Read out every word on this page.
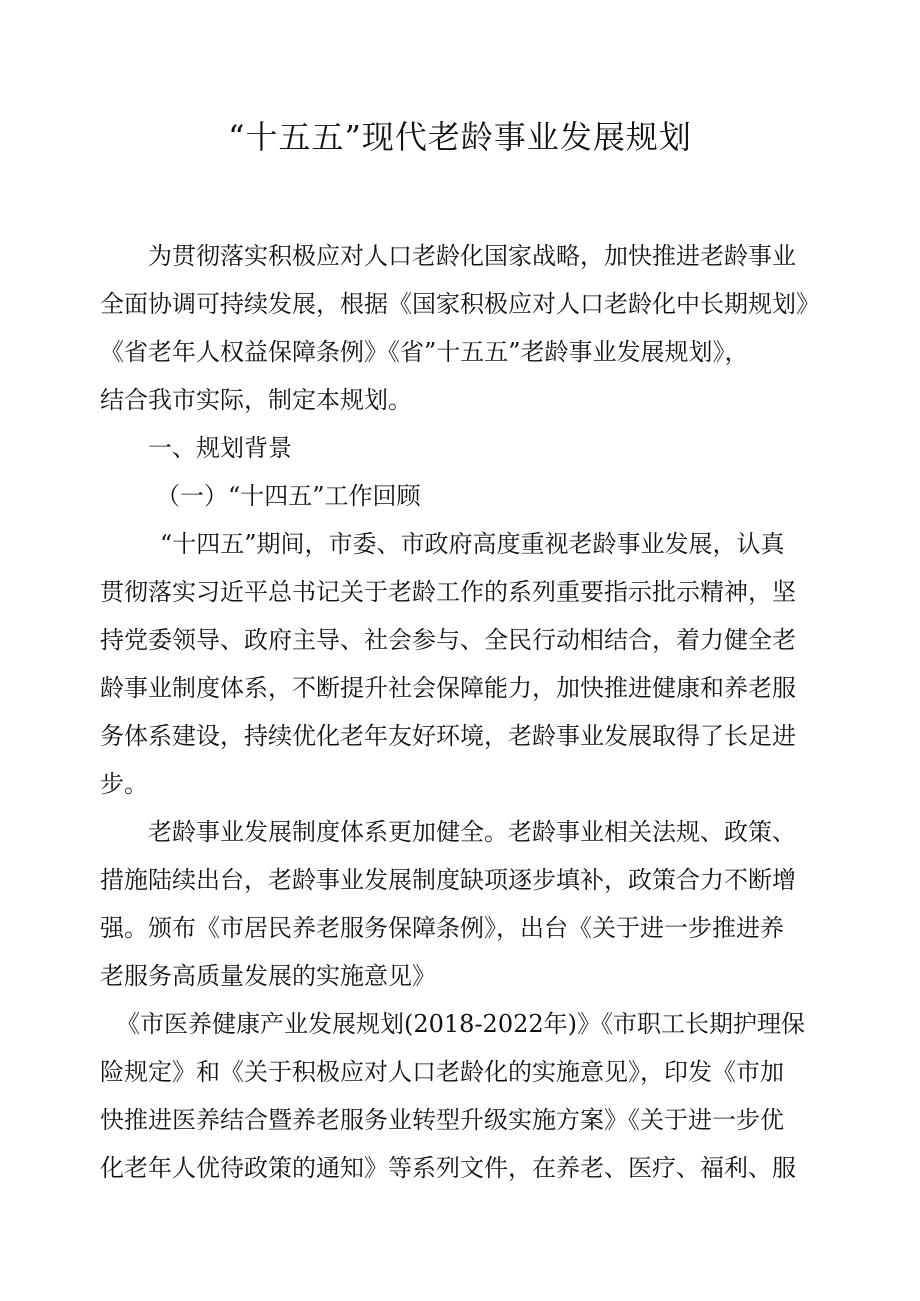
“十五五”现代老龄事业发展规划

为贯彻落实积极应对人口老龄化国家战略，加快推进老龄事业

全面协调可持续发展，根据《国家积极应对人口老龄化中长期规划》

《省老年人权益保障条例》《省”十五五”老龄事业发展规划》，

结合我市实际，制定本规划。

一、规划背景

（一）“十四五”工作回顾

“十四五”期间，市委、市政府高度重视老龄事业发展，认真

贯彻落实习近平总书记关于老龄工作的系列重要指示批示精神，坚

持党委领导、政府主导、社会参与、全民行动相结合，着力健全老

龄事业制度体系，不断提升社会保障能力，加快推进健康和养老服

务体系建设，持续优化老年友好环境，老龄事业发展取得了长足进

步。

老龄事业发展制度体系更加健全。老龄事业相关法规、政策、

措施陆续出台，老龄事业发展制度缺项逐步填补，政策合力不断增

强。颁布《市居民养老服务保障条例》，出台《关于进一步推进养

老服务高质量发展的实施意见》

《市医养健康产业发展规划(2018-2022年)》《市职工长期护理保

险规定》和《关于积极应对人口老龄化的实施意见》，印发《市加

快推进医养结合暨养老服务业转型升级实施方案》《关于进一步优

化老年人优待政策的通知》等系列文件，在养老、医疗、福利、服
